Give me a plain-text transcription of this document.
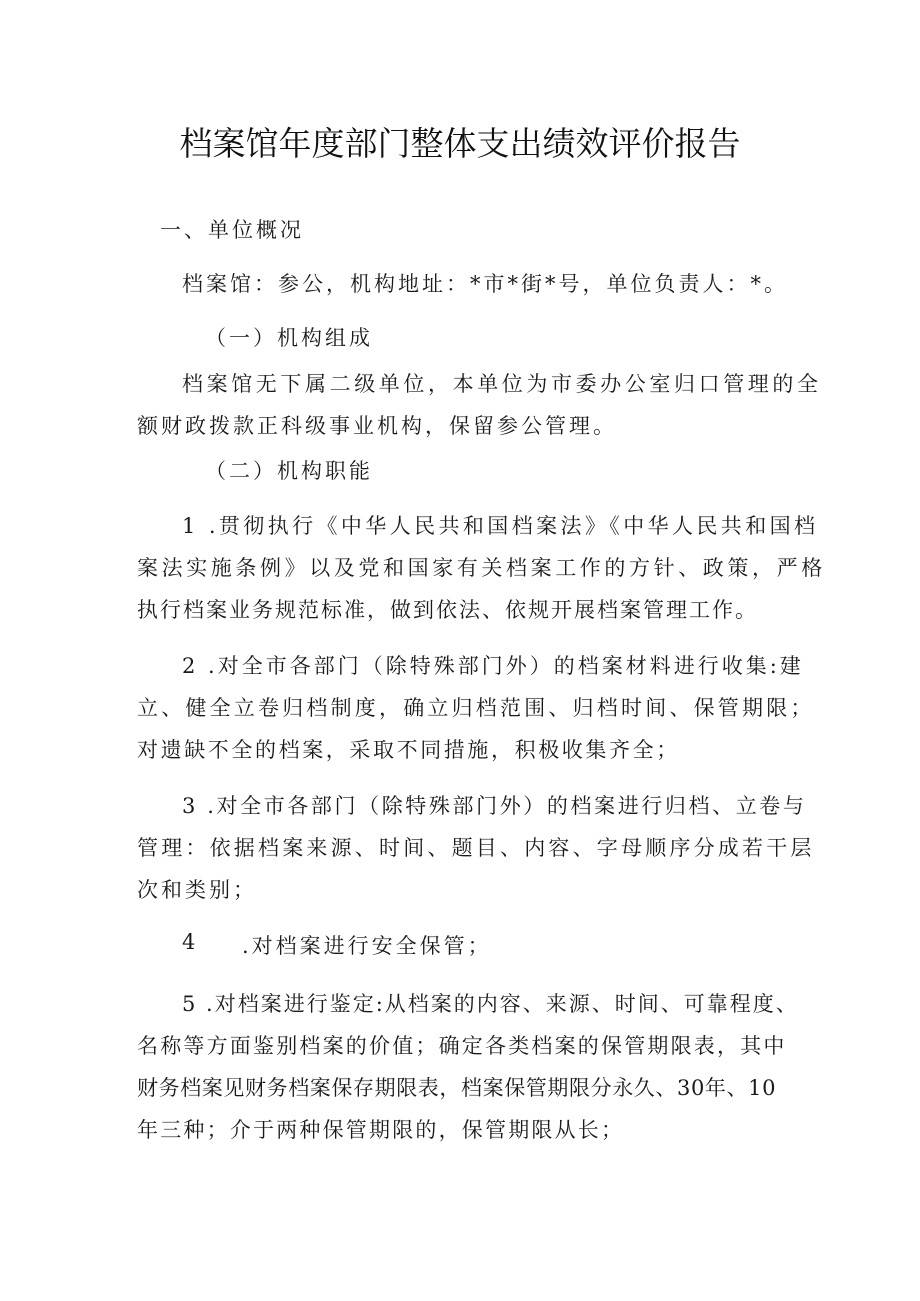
档案馆年度部门整体支出绩效评价报告
一、单位概况
档案馆：参公，机构地址：*市*街*号，单位负责人：*。
（一）机构组成
档案馆无下属二级单位，本单位为市委办公室归口管理的全
额财政拨款正科级事业机构，保留参公管理。
（二）机构职能
1 .贯彻执行《中华人民共和国档案法》《中华人民共和国档
案法实施条例》以及党和国家有关档案工作的方针、政策，严格
执行档案业务规范标准，做到依法、依规开展档案管理工作。
2 .对全市各部门（除特殊部门外）的档案材料进行收集:建
立、健全立卷归档制度，确立归档范围、归档时间、保管期限；
对遗缺不全的档案，采取不同措施，积极收集齐全；
3 .对全市各部门（除特殊部门外）的档案进行归档、立卷与
管理：依据档案来源、时间、题目、内容、字母顺序分成若干层
次和类别；
4 .对档案进行安全保管；
5 .对档案进行鉴定:从档案的内容、来源、时间、可靠程度、
名称等方面鉴别档案的价值；确定各类档案的保管期限表，其中
财务档案见财务档案保存期限表，档案保管期限分永久、30年、10
年三种；介于两种保管期限的，保管期限从长；
